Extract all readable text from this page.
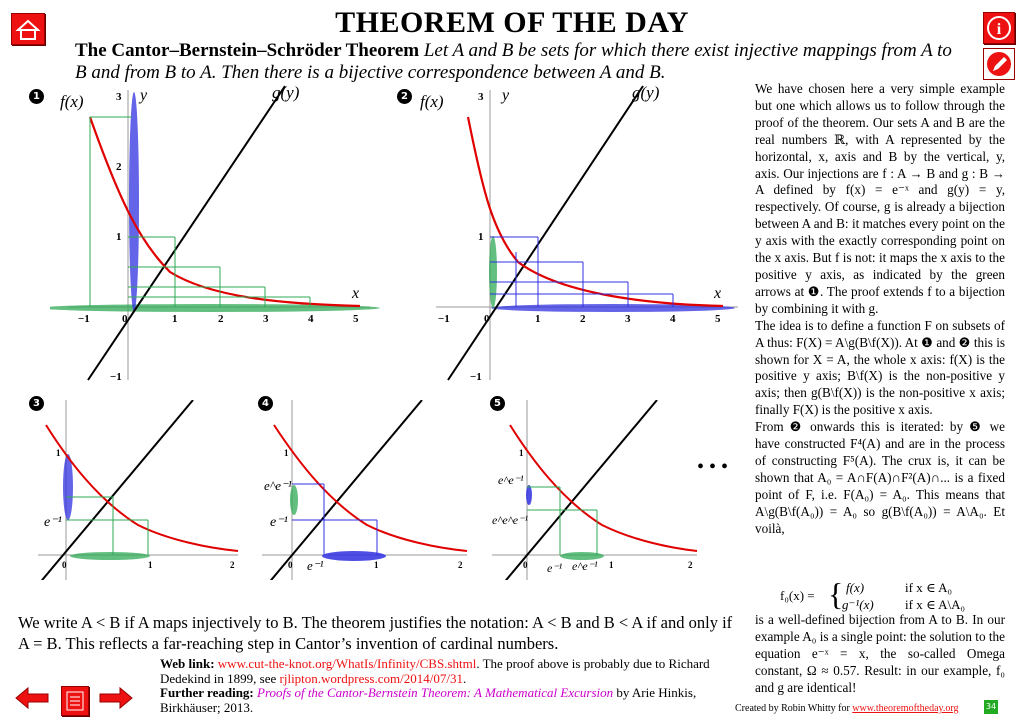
THEOREM OF THE DAY	i
The Cantor–Bernstein–Schröder Theorem Let A and B be sets for which there exist injective mappings from A to B and from B to A. Then there is a bijective correspondence between A and B.
1 f(x)	g(y)
y
x
3
2
1
−1
−1	0	1	2	3	4	5
2 f(x)	g(y)
y
x
3
1
−1
−1	0	1	2	3	4	5
3
1
e⁻¹
0	1	2
4
1
e^e⁻¹
e⁻¹
0 e⁻¹	1	2
5
1
e^e⁻¹
e^e^e⁻¹
0 e⁻¹ e^e⁻¹ 1	2
• • •

We have chosen here a very simple example but one which allows us to follow through the proof of the theorem. Our sets A and B are the real numbers ℝ, with A represented by the horizontal, x, axis and B by the vertical, y, axis. Our injections are f : A → B and g : B → A defined by f(x) = e⁻ˣ and g(y) = y, respectively. Of course, g is already a bijection between A and B: it matches every point on the y axis with the exactly corresponding point on the x axis. But f is not: it maps the x axis to the positive y axis, as indicated by the green arrows at ❶. The proof extends f to a bijection by combining it with g.

The idea is to define a function F on subsets of A thus: F(X) = A\g(B\f(X)). At ❶ and ❷ this is shown for X = A, the whole x axis: f(X) is the positive y axis; B\f(X) is the non-positive y axis; then g(B\f(X)) is the non-positive x axis; finally F(X) is the positive x axis.

From ❷ onwards this is iterated: by ❺ we have constructed F⁴(A) and are in the process of constructing F⁵(A). The crux is, it can be shown that A₀ = A∩F(A)∩F²(A)∩... is a fixed point of F, i.e. F(A₀) = A₀. This means that A\g(B\f(A₀)) = A₀ so g(B\f(A₀)) = A\A₀. Et voilà,

f₀(x) = { f(x)	if x ∈ A₀
g⁻¹(x) if x ∈ A\A₀
is a well-defined bijection from A to B. In our example A₀ is a single point: the solution to the equation e⁻ˣ = x, the so-called Omega constant, Ω ≈ 0.57. Result: in our example, f₀ and g are identical!
We write A < B if A maps injectively to B. The theorem justifies the notation: A < B and B < A if and only if A = B. This reflects a far-reaching step in Cantor’s invention of cardinal numbers.
Web link: www.cut-the-knot.org/WhatIs/Infinity/CBS.shtml. The proof above is probably due to Richard Dedekind in 1899, see rjlipton.wordpress.com/2014/07/31.
Further reading: Proofs of the Cantor-Bernstein Theorem: A Mathematical Excursion by Arie Hinkis, Birkhäuser; 2013.	Created by Robin Whitty for www.theoremoftheday.org	34
